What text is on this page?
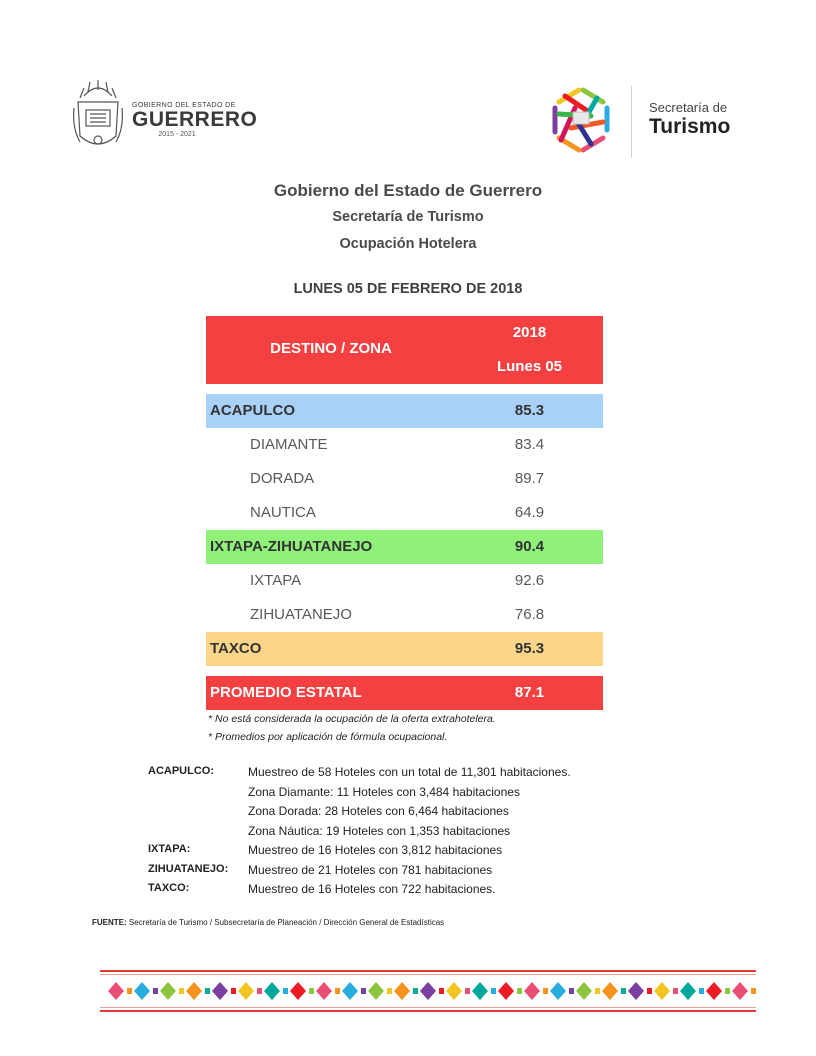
GOBIERNO DEL ESTADO DE
GUERRERO
2015 - 2021
Secretaría de
Turismo
Gobierno del Estado de Guerrero
Secretaría de Turismo
Ocupación Hotelera
LUNES 05 DE FEBRERO DE 2018
DESTINO / ZONA
2018
Lunes 05
ACAPULCO	85.3
DIAMANTE	83.4
DORADA	89.7
NAUTICA	64.9
IXTAPA-ZIHUATANEJO	90.4
IXTAPA	92.6
ZIHUATANEJO	76.8
TAXCO	95.3
PROMEDIO ESTATAL	87.1
* No está considerada la ocupación de la oferta extrahotelera.
* Promedios por aplicación de fórmula ocupacional.
ACAPULCO:	Muestreo de 58 Hoteles con un total de 11,301 habitaciones.
Zona Diamante: 11 Hoteles con 3,484 habitaciones
Zona Dorada: 28 Hoteles con 6,464 habitaciones
Zona Náutica: 19 Hoteles con 1,353 habitaciones
IXTAPA:	Muestreo de 16 Hoteles con 3,812 habitaciones
ZIHUATANEJO: Muestreo de 21 Hoteles con 781 habitaciones
TAXCO:	Muestreo de 16 Hoteles con 722 habitaciones.
FUENTE: Secretaría de Turismo / Subsecretaría de Planeación / Dirección General de Estadísticas
